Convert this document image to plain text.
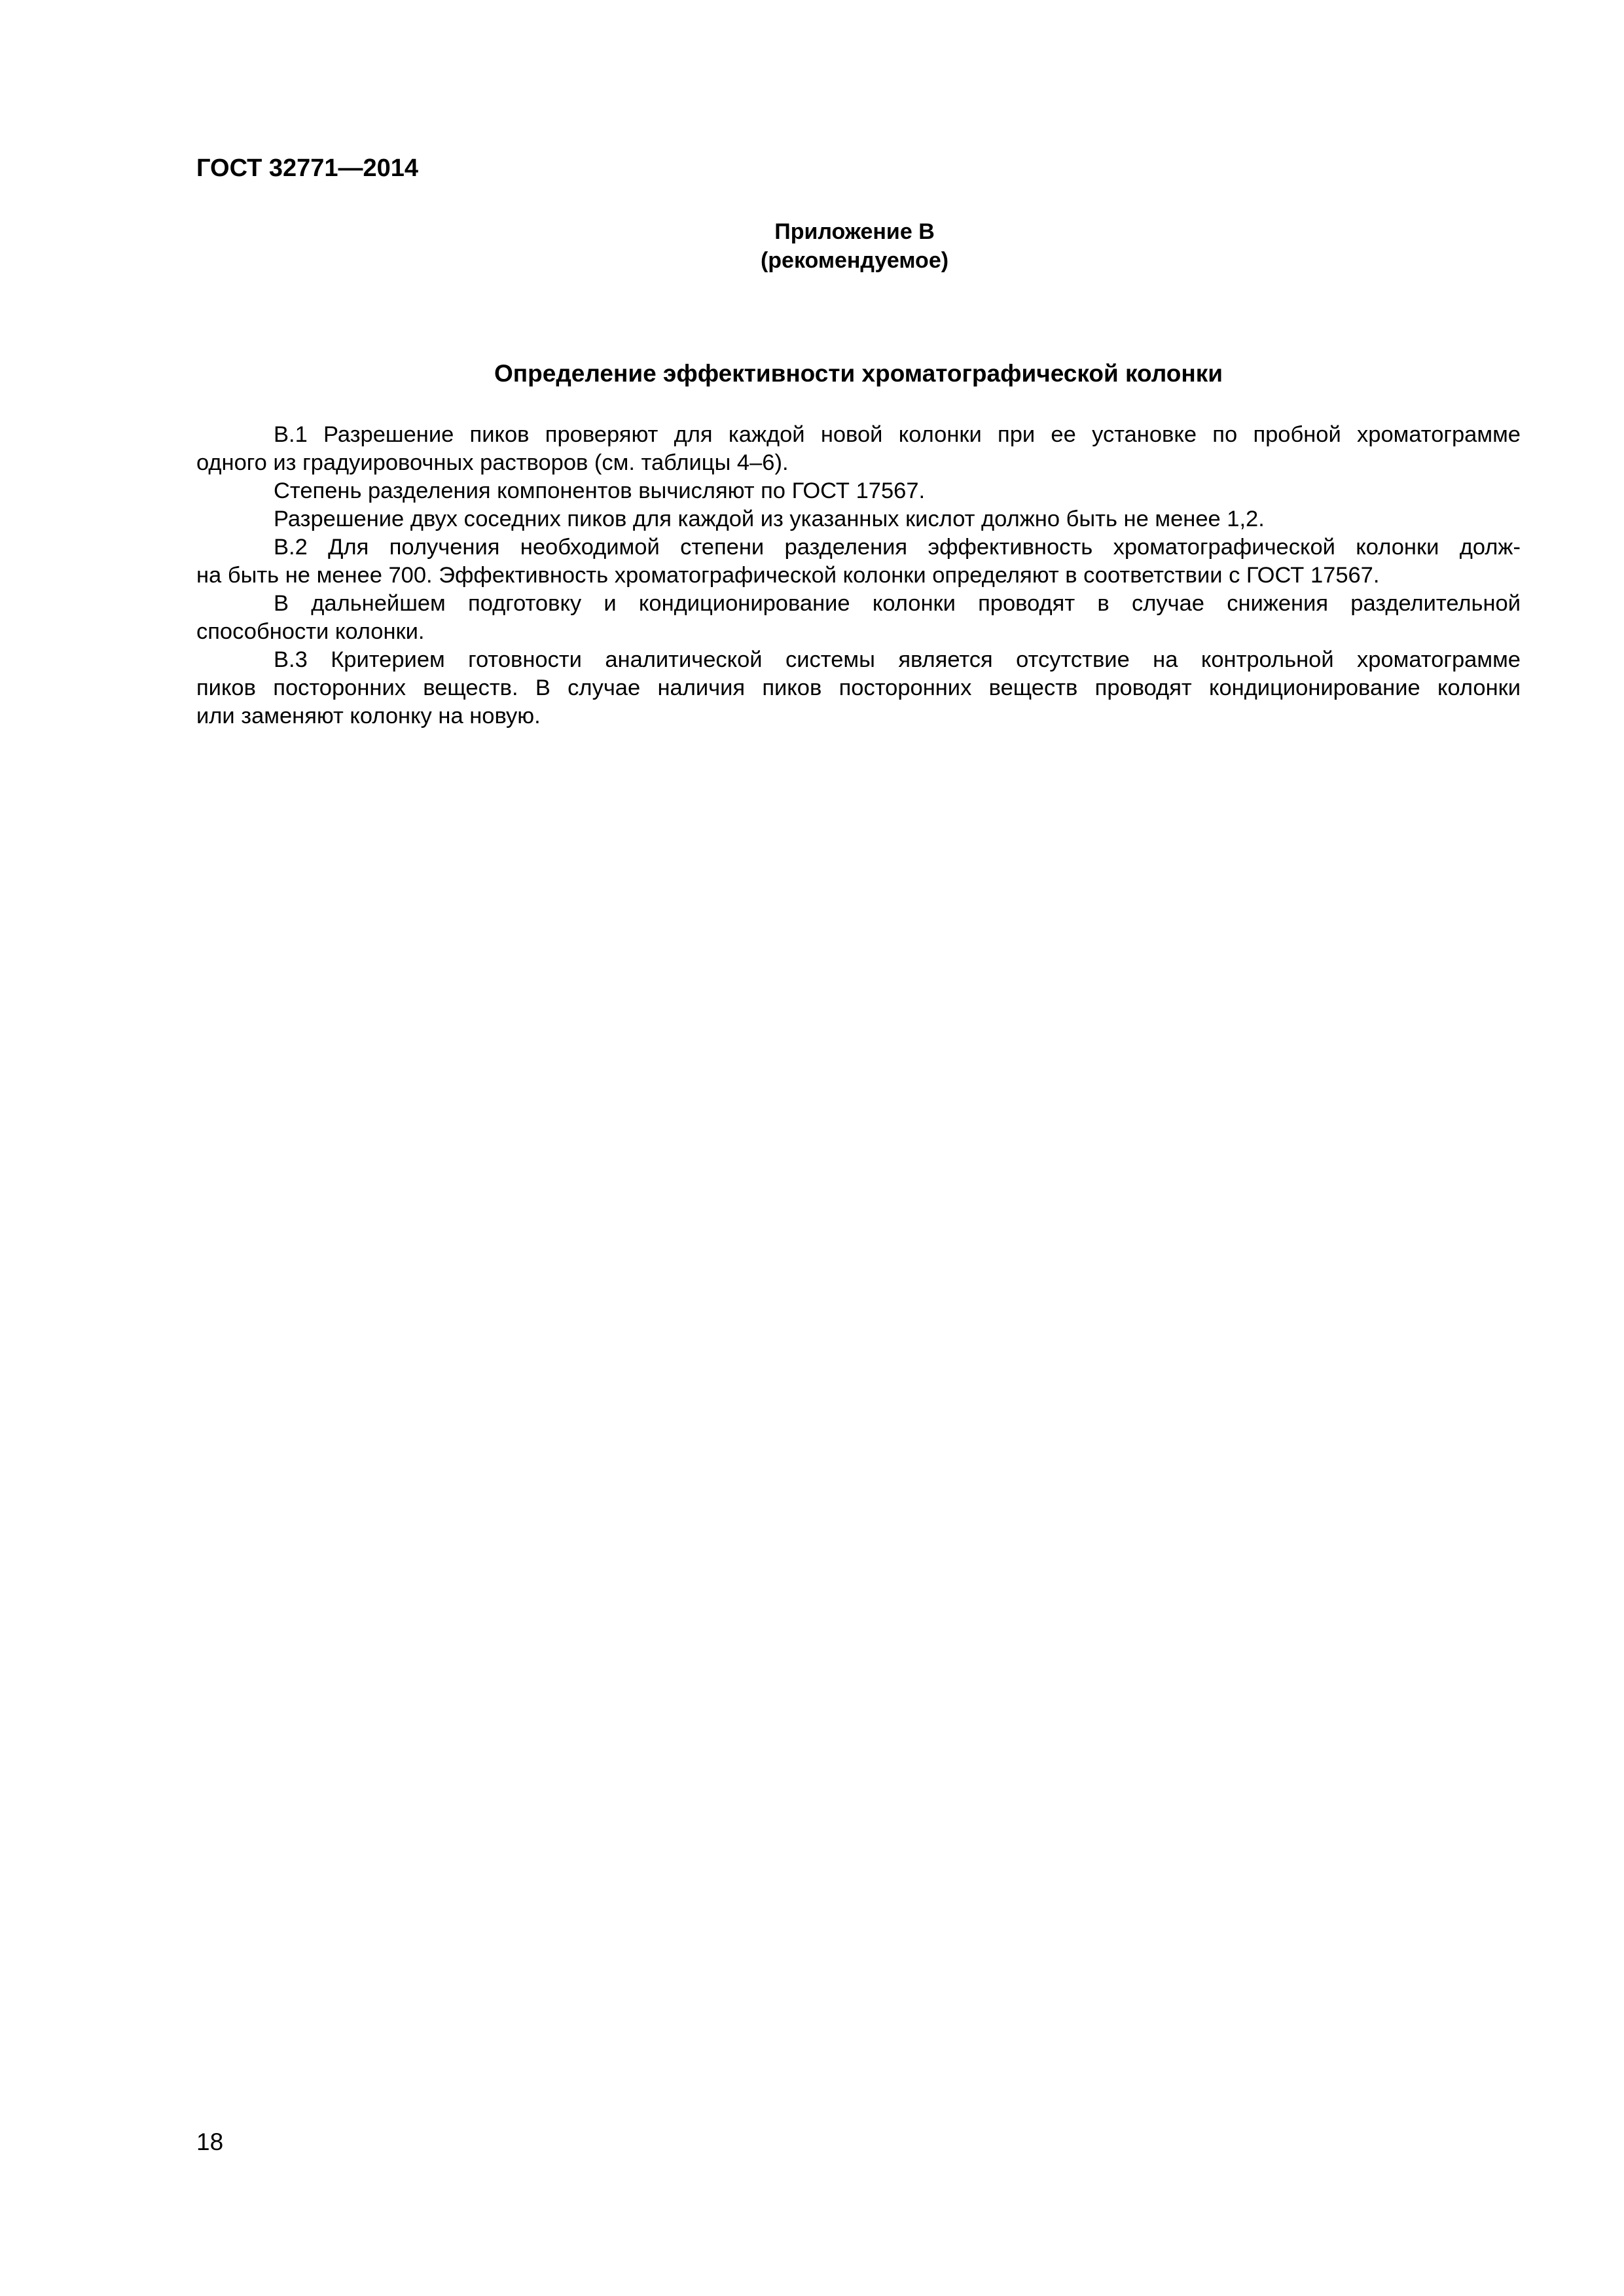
ГОСТ 32771—2014
Приложение В
(рекомендуемое)
Определение эффективности хроматографической колонки
В.1 Разрешение пиков проверяют для каждой новой колонки при ее установке по пробной хроматограмме
одного из градуировочных растворов (см. таблицы 4–6).
Степень разделения компонентов вычисляют по ГОСТ 17567.
Разрешение двух соседних пиков для каждой из указанных кислот должно быть не менее 1,2.
В.2 Для получения необходимой степени разделения эффективность хроматографической колонки долж-
на быть не менее 700. Эффективность хроматографической колонки определяют в соответствии с ГОСТ 17567.
В дальнейшем подготовку и кондиционирование колонки проводят в случае снижения разделительной
способности колонки.
В.3 Критерием готовности аналитической системы является отсутствие на контрольной хроматограмме
пиков посторонних веществ. В случае наличия пиков посторонних веществ проводят кондиционирование колонки
или заменяют колонку на новую.
18
